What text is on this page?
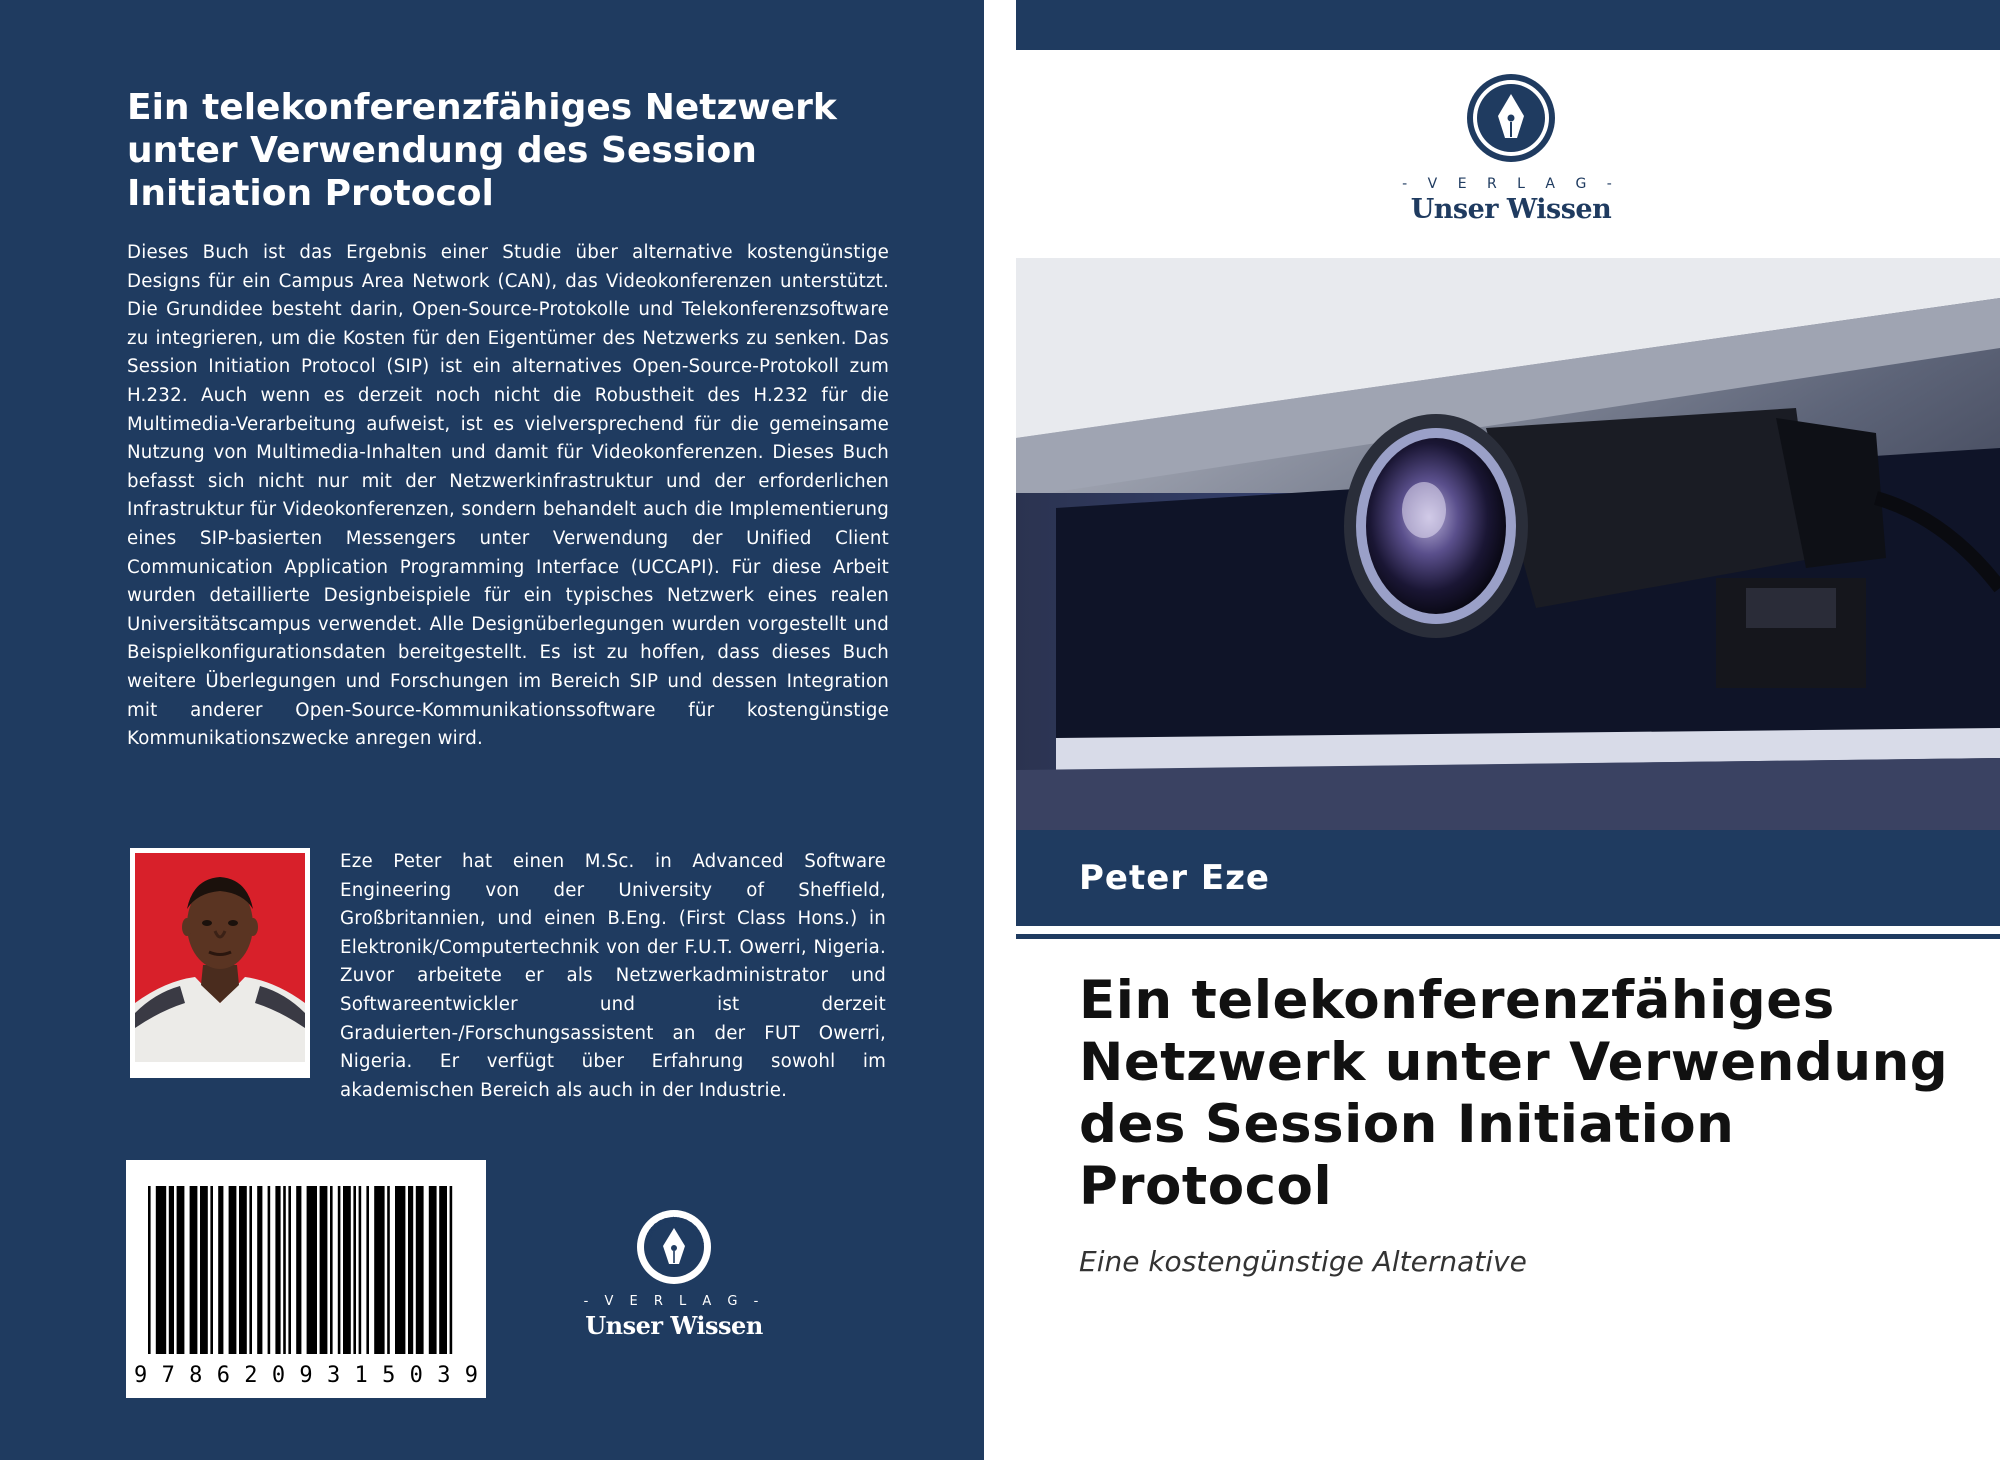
Ein telekonferenzfähiges Netzwerk unter Verwendung des Session Initiation Protocol

Dieses Buch ist das Ergebnis einer Studie über alternative kostengünstige Designs für ein Campus Area Network (CAN), das Videokonferenzen unterstützt. Die Grundidee besteht darin, Open-Source-Protokolle und Telekonferenzsoftware zu integrieren, um die Kosten für den Eigentümer des Netzwerks zu senken. Das Session Initiation Protocol (SIP) ist ein alternatives Open-Source-Protokoll zum H.232. Auch wenn es derzeit noch nicht die Robustheit des H.232 für die Multimedia-Verarbeitung aufweist, ist es vielversprechend für die gemeinsame Nutzung von Multimedia-Inhalten und damit für Videokonferenzen. Dieses Buch befasst sich nicht nur mit der Netzwerkinfrastruktur und der erforderlichen Infrastruktur für Videokonferenzen, sondern behandelt auch die Implementierung eines SIP-basierten Messengers unter Verwendung der Unified Client Communication Application Programming Interface (UCCAPI). Für diese Arbeit wurden detaillierte Designbeispiele für ein typisches Netzwerk eines realen Universitätscampus verwendet. Alle Designüberlegungen wurden vorgestellt und Beispielkonfigurationsdaten bereitgestellt. Es ist zu hoffen, dass dieses Buch weitere Überlegungen und Forschungen im Bereich SIP und dessen Integration mit anderer Open-Source-Kommunikationssoftware für kostengünstige Kommunikationszwecke anregen wird.

Eze Peter hat einen M.Sc. in Advanced Software Engineering von der University of Sheffield, Großbritannien, und einen B.Eng. (First Class Hons.) in Elektronik/Computertechnik von der F.U.T. Owerri, Nigeria. Zuvor arbeitete er als Netzwerkadministrator und Softwareentwickler und ist derzeit Graduierten-/Forschungsassistent an der FUT Owerri, Nigeria. Er verfügt über Erfahrung sowohl im akademischen Bereich als auch in der Industrie.

9 7 8 6 2 0 9 3 1 5 0 3 9
UNSER WISSEN V
- V E R L A G -
Unser Wissen
- V E R L A G -
Unser Wissen
Peter Eze
Ein telekonferenzfähiges Netzwerk unter Verwendung des Session Initiation Protocol
Eine kostengünstige Alternative
